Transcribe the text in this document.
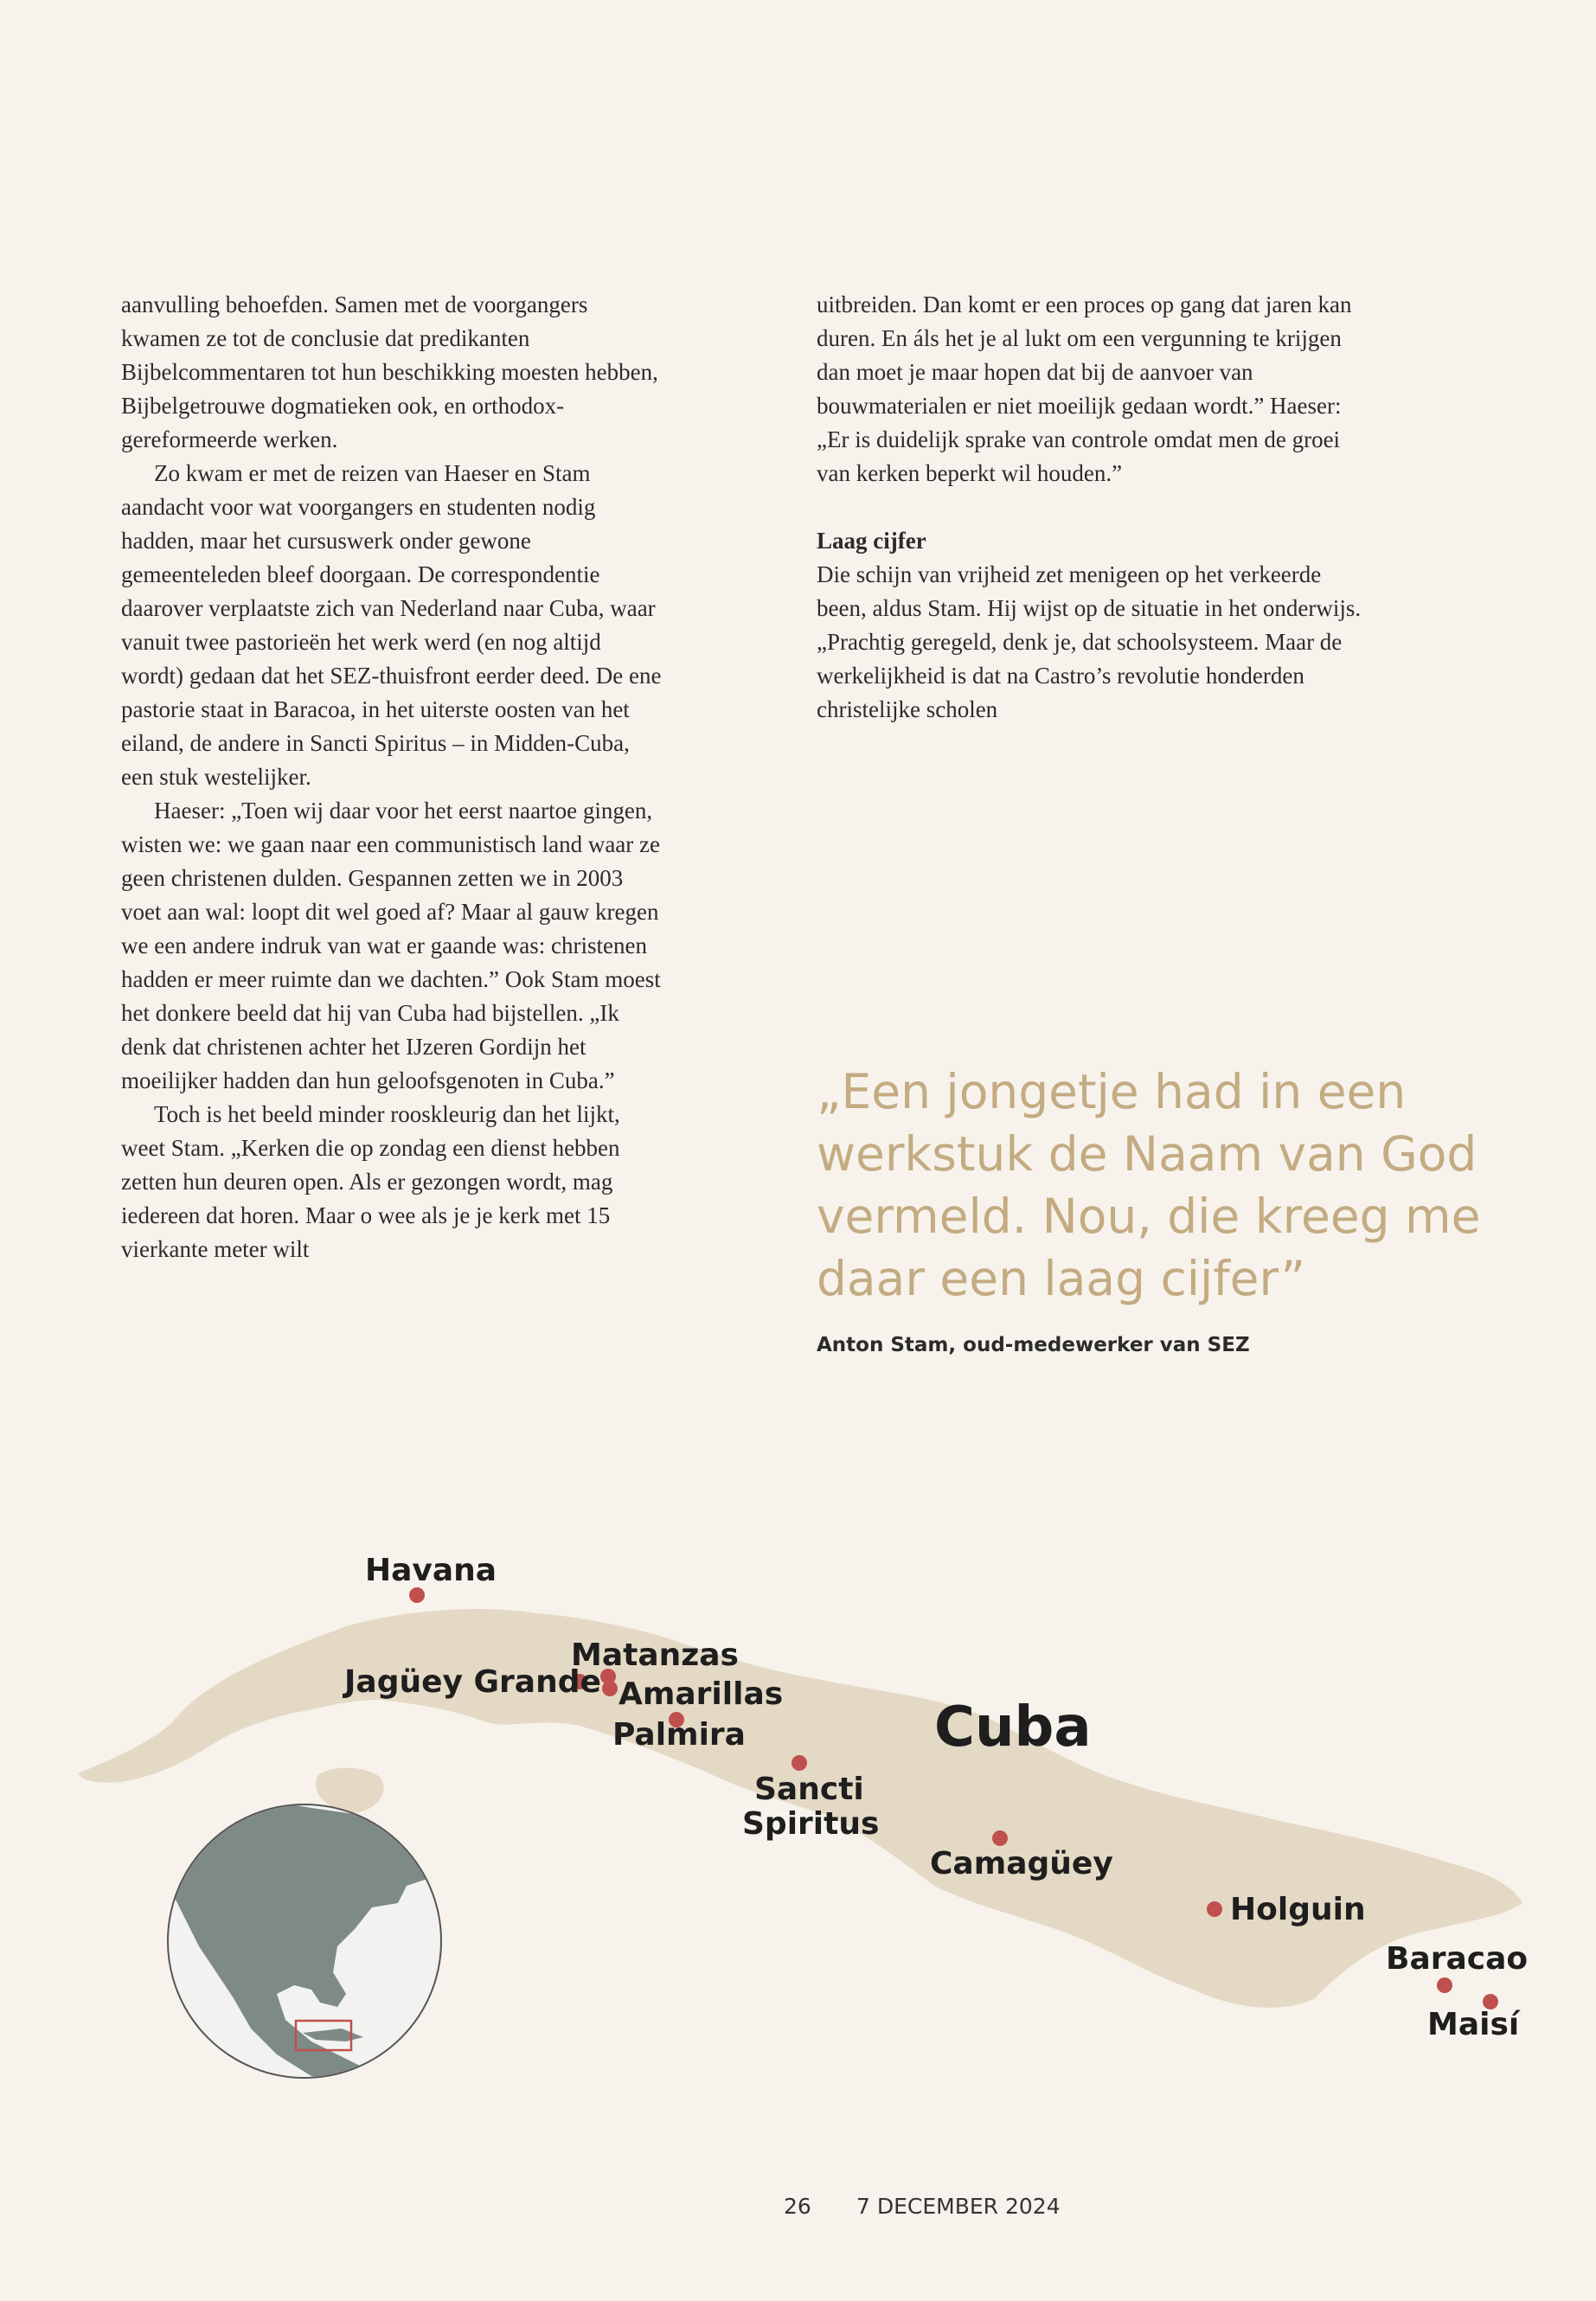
aanvulling behoefden. Samen met de voorgangers kwamen ze tot de conclusie dat predikanten Bijbelcommentaren tot hun beschikking moesten hebben, Bijbelgetrouwe dogmatieken ook, en orthodox-gereformeerde werken.

Zo kwam er met de reizen van Haeser en Stam aandacht voor wat voorgangers en studenten nodig hadden, maar het cursuswerk onder gewone gemeenteleden bleef doorgaan. De correspondentie daarover verplaatste zich van Nederland naar Cuba, waar vanuit twee pastorieën het werk werd (en nog altijd wordt) gedaan dat het SEZ-thuisfront eerder deed. De ene pastorie staat in Baracoa, in het uiterste oosten van het eiland, de andere in Sancti Spiritus – in Midden-Cuba, een stuk westelijker.

Haeser: „Toen wij daar voor het eerst naartoe gingen, wisten we: we gaan naar een communistisch land waar ze geen christenen dulden. Gespannen zetten we in 2003 voet aan wal: loopt dit wel goed af? Maar al gauw kregen we een andere indruk van wat er gaande was: christenen hadden er meer ruimte dan we dachten.” Ook Stam moest het donkere beeld dat hij van Cuba had bijstellen. „Ik denk dat christenen achter het IJzeren Gordijn het moeilijker hadden dan hun geloofsgenoten in Cuba.”

Toch is het beeld minder rooskleurig dan het lijkt, weet Stam. „Kerken die op zondag een dienst hebben zetten hun deuren open. Als er gezongen wordt, mag iedereen dat horen. Maar o wee als je je kerk met 15 vierkante meter wilt

uitbreiden. Dan komt er een proces op gang dat jaren kan duren. En áls het je al lukt om een vergunning te krijgen dan moet je maar hopen dat bij de aanvoer van bouwmaterialen er niet moeilijk gedaan wordt.” Haeser: „Er is duidelijk sprake van controle omdat men de groei van kerken beperkt wil houden.”

Laag cijfer

Die schijn van vrijheid zet menigeen op het verkeerde been, aldus Stam. Hij wijst op de situatie in het onderwijs. „Prachtig geregeld, denk je, dat schoolsysteem. Maar de werkelijkheid is dat na Castro’s revolutie honderden christelijke scholen

„Een jongetje had in een werkstuk de Naam van God vermeld. Nou, die kreeg me daar een laag cijfer”

Anton Stam, oud-medewerker van SEZ
Havana
Jagüey Grande
Matanzas
Amarillas
Palmira
Sancti
Spiritus
Camagüey
Holguin
Baracao
Maisí
Cuba
26 7 DECEMBER 2024
